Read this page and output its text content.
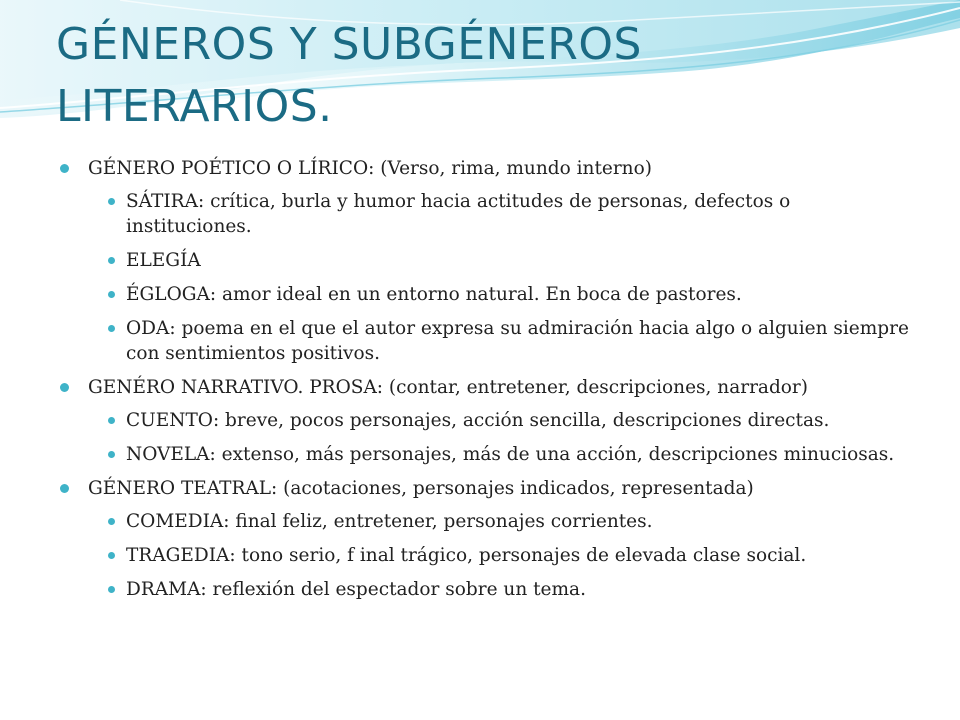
GÉNEROS Y SUBGÉNEROS LITERARIOS.
GÉNERO POÉTICO O LÍRICO: (Verso, rima, mundo interno)
SÁTIRA: crítica, burla y humor hacia actitudes de personas, defectos o instituciones.
ELEGÍA
ÉGLOGA: amor ideal en un entorno natural. En boca de pastores.
ODA: poema en el que el autor expresa su admiración hacia algo o alguien siempre con sentimientos positivos.
GENÉRO NARRATIVO. PROSA: (contar, entretener, descripciones, narrador)
CUENTO: breve, pocos personajes, acción sencilla, descripciones directas.
NOVELA: extenso, más personajes, más de una acción, descripciones minuciosas.
GÉNERO TEATRAL: (acotaciones, personajes indicados, representada)
COMEDIA: final feliz, entretener, personajes corrientes.
TRAGEDIA: tono serio, f inal trágico, personajes de elevada clase social.
DRAMA: reflexión del espectador sobre un tema.
